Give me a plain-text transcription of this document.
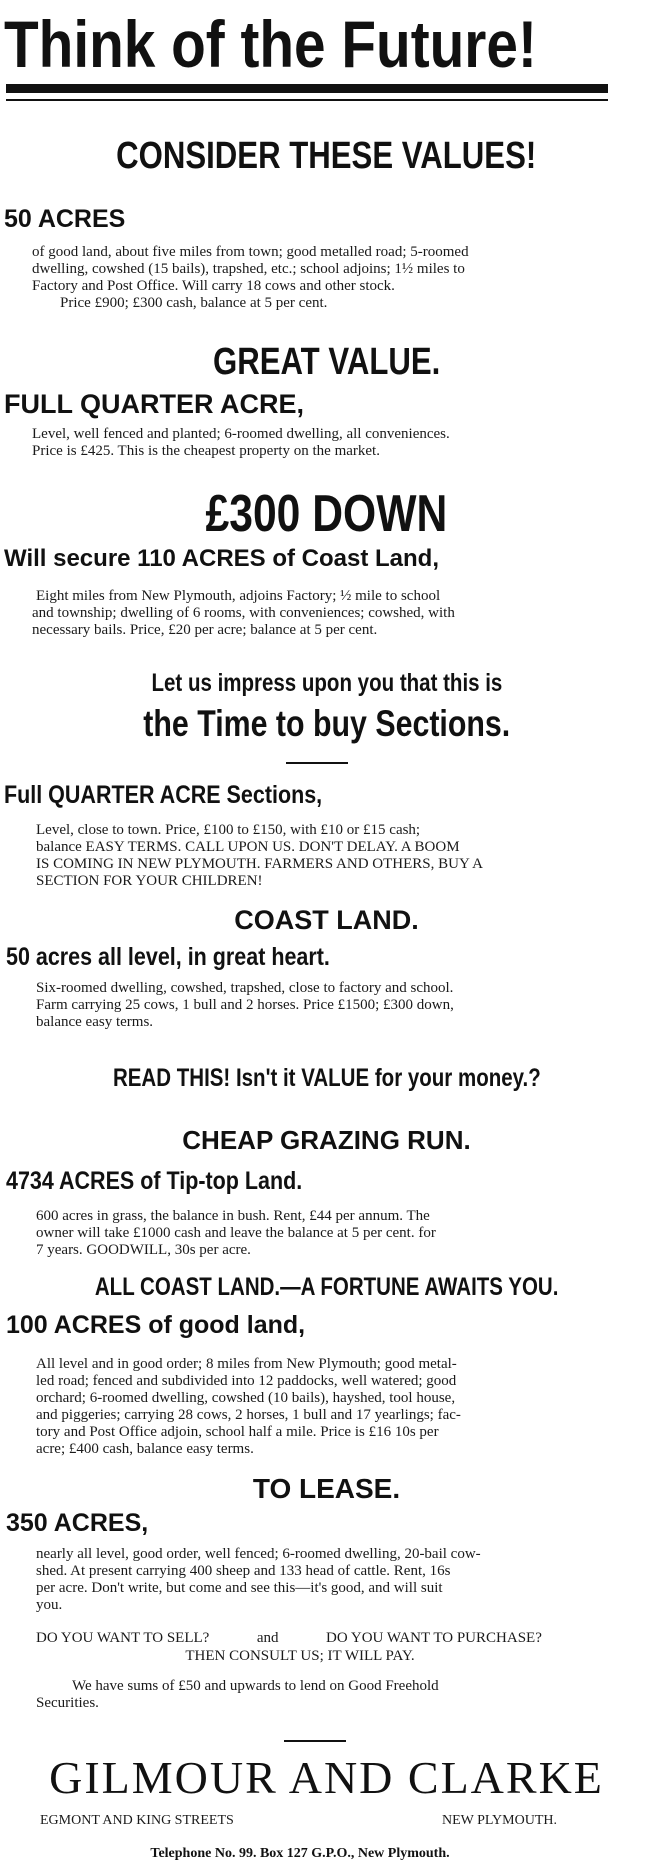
Think of the Future!
CONSIDER THESE VALUES!
50 ACRES

of good land, about five miles from town; good metalled road; 5-roomed

dwelling, cowshed (15 bails), trapshed, etc.; school adjoins; 1½ miles to

Factory and Post Office. Will carry 18 cows and other stock.

Price £900; £300 cash, balance at 5 per cent.

GREAT VALUE.
FULL QUARTER ACRE,

Level, well fenced and planted; 6-roomed dwelling, all conveniences.

Price is £425. This is the cheapest property on the market.

£300 DOWN
Will secure 110 ACRES of Coast Land,

Eight miles from New Plymouth, adjoins Factory; ½ mile to school

and township; dwelling of 6 rooms, with conveniences; cowshed, with

necessary bails. Price, £20 per acre; balance at 5 per cent.

Let us impress upon you that this is
the Time to buy Sections.
Full QUARTER ACRE Sections,

Level, close to town. Price, £100 to £150, with £10 or £15 cash;

balance EASY TERMS. CALL UPON US. DON'T DELAY. A BOOM

IS COMING IN NEW PLYMOUTH. FARMERS AND OTHERS, BUY A

SECTION FOR YOUR CHILDREN!

COAST LAND.
50 acres all level, in great heart.

Six-roomed dwelling, cowshed, trapshed, close to factory and school.

Farm carrying 25 cows, 1 bull and 2 horses. Price £1500; £300 down,

balance easy terms.

READ THIS! Isn't it VALUE for your money.?
CHEAP GRAZING RUN.
4734 ACRES of Tip-top Land.

600 acres in grass, the balance in bush. Rent, £44 per annum. The

owner will take £1000 cash and leave the balance at 5 per cent. for

7 years. GOODWILL, 30s per acre.

ALL COAST LAND.—A FORTUNE AWAITS YOU.
100 ACRES of good land,

All level and in good order; 8 miles from New Plymouth; good metal-

led road; fenced and subdivided into 12 paddocks, well watered; good

orchard; 6-roomed dwelling, cowshed (10 bails), hayshed, tool house,

and piggeries; carrying 28 cows, 2 horses, 1 bull and 17 yearlings; fac-

tory and Post Office adjoin, school half a mile. Price is £16 10s per

acre; £400 cash, balance easy terms.

TO LEASE.
350 ACRES,

nearly all level, good order, well fenced; 6-roomed dwelling, 20-bail cow-

shed. At present carrying 400 sheep and 133 head of cattle. Rent, 16s

per acre. Don't write, but come and see this—it's good, and will suit

you.

DO YOU WANT TO SELL?	and	DO YOU WANT TO PURCHASE?
THEN CONSULT US; IT WILL PAY.

We have sums of £50 and upwards to lend on Good Freehold

Securities.

GILMOUR AND CLARKE
EGMONT AND KING STREETS	NEW PLYMOUTH.
Telephone No. 99. Box 127 G.P.O., New Plymouth.
